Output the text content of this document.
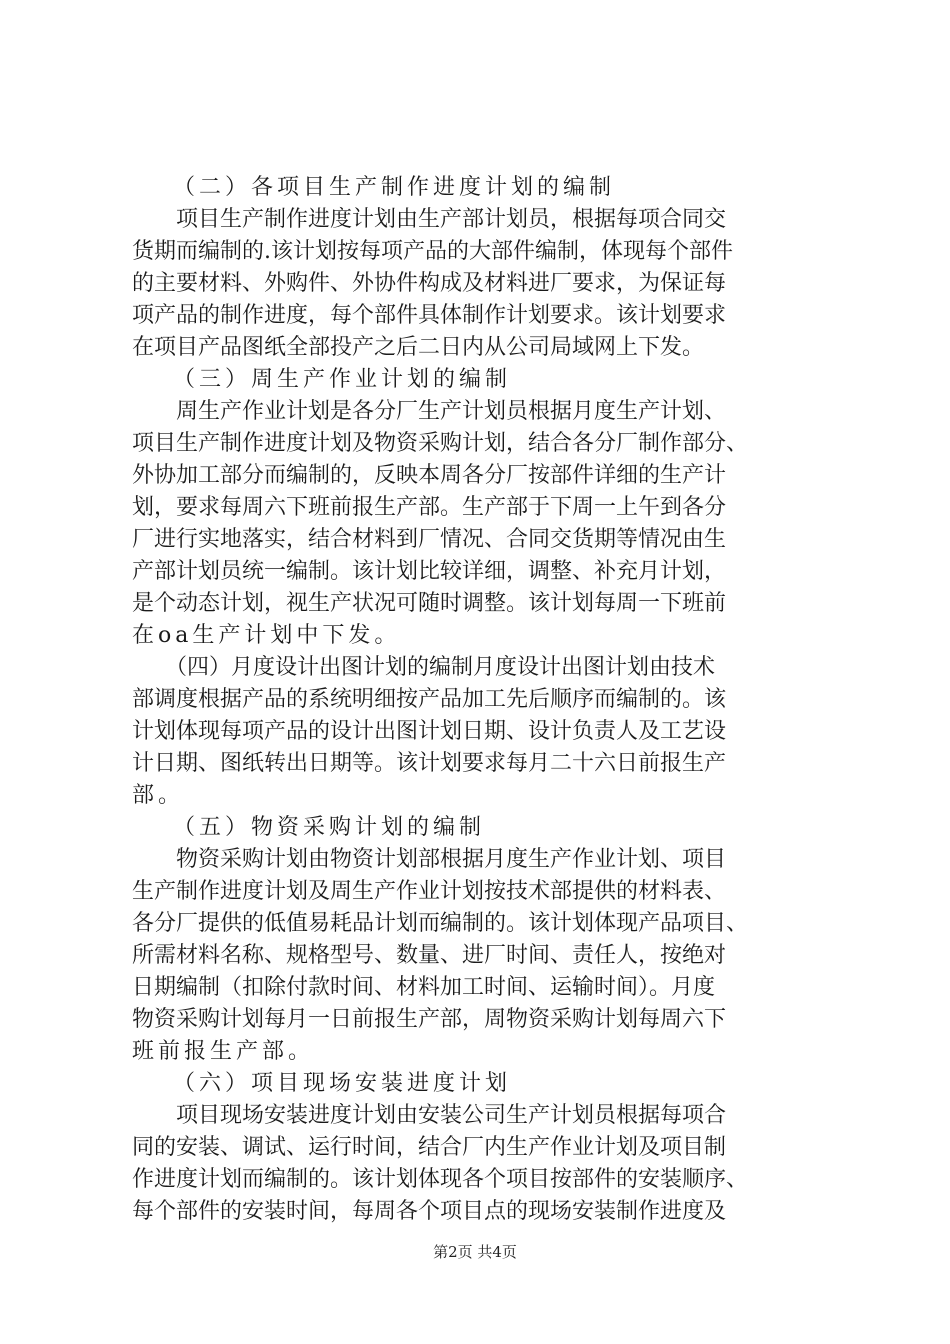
　　（二）各项目生产制作进度计划的编制
　　项目生产制作进度计划由生产部计划员，根据每项合同交
货期而编制的.该计划按每项产品的大部件编制，体现每个部件
的主要材料、外购件、外协件构成及材料进厂要求，为保证每
项产品的制作进度，每个部件具体制作计划要求。该计划要求
在项目产品图纸全部投产之后二日内从公司局域网上下发。
　　（三）周生产作业计划的编制
　　周生产作业计划是各分厂生产计划员根据月度生产计划、
项目生产制作进度计划及物资采购计划，结合各分厂制作部分、
外协加工部分而编制的，反映本周各分厂按部件详细的生产计
划，要求每周六下班前报生产部。生产部于下周一上午到各分
厂进行实地落实，结合材料到厂情况、合同交货期等情况由生
产部计划员统一编制。该计划比较详细，调整、补充月计划，
是个动态计划，视生产状况可随时调整。该计划每周一下班前
在oa生产计划中下发。
　　（四）月度设计出图计划的编制月度设计出图计划由技术
部调度根据产品的系统明细按产品加工先后顺序而编制的。该
计划体现每项产品的设计出图计划日期、设计负责人及工艺设
计日期、图纸转出日期等。该计划要求每月二十六日前报生产
部。
　　（五）物资采购计划的编制
　　物资采购计划由物资计划部根据月度生产作业计划、项目
生产制作进度计划及周生产作业计划按技术部提供的材料表、
各分厂提供的低值易耗品计划而编制的。该计划体现产品项目、
所需材料名称、规格型号、数量、进厂时间、责任人，按绝对
日期编制（扣除付款时间、材料加工时间、运输时间）。月度
物资采购计划每月一日前报生产部，周物资采购计划每周六下
班前报生产部。
　　（六）项目现场安装进度计划
　　项目现场安装进度计划由安装公司生产计划员根据每项合
同的安装、调试、运行时间，结合厂内生产作业计划及项目制
作进度计划而编制的。该计划体现各个项目按部件的安装顺序、
每个部件的安装时间，每周各个项目点的现场安装制作进度及
第2页 共4页
